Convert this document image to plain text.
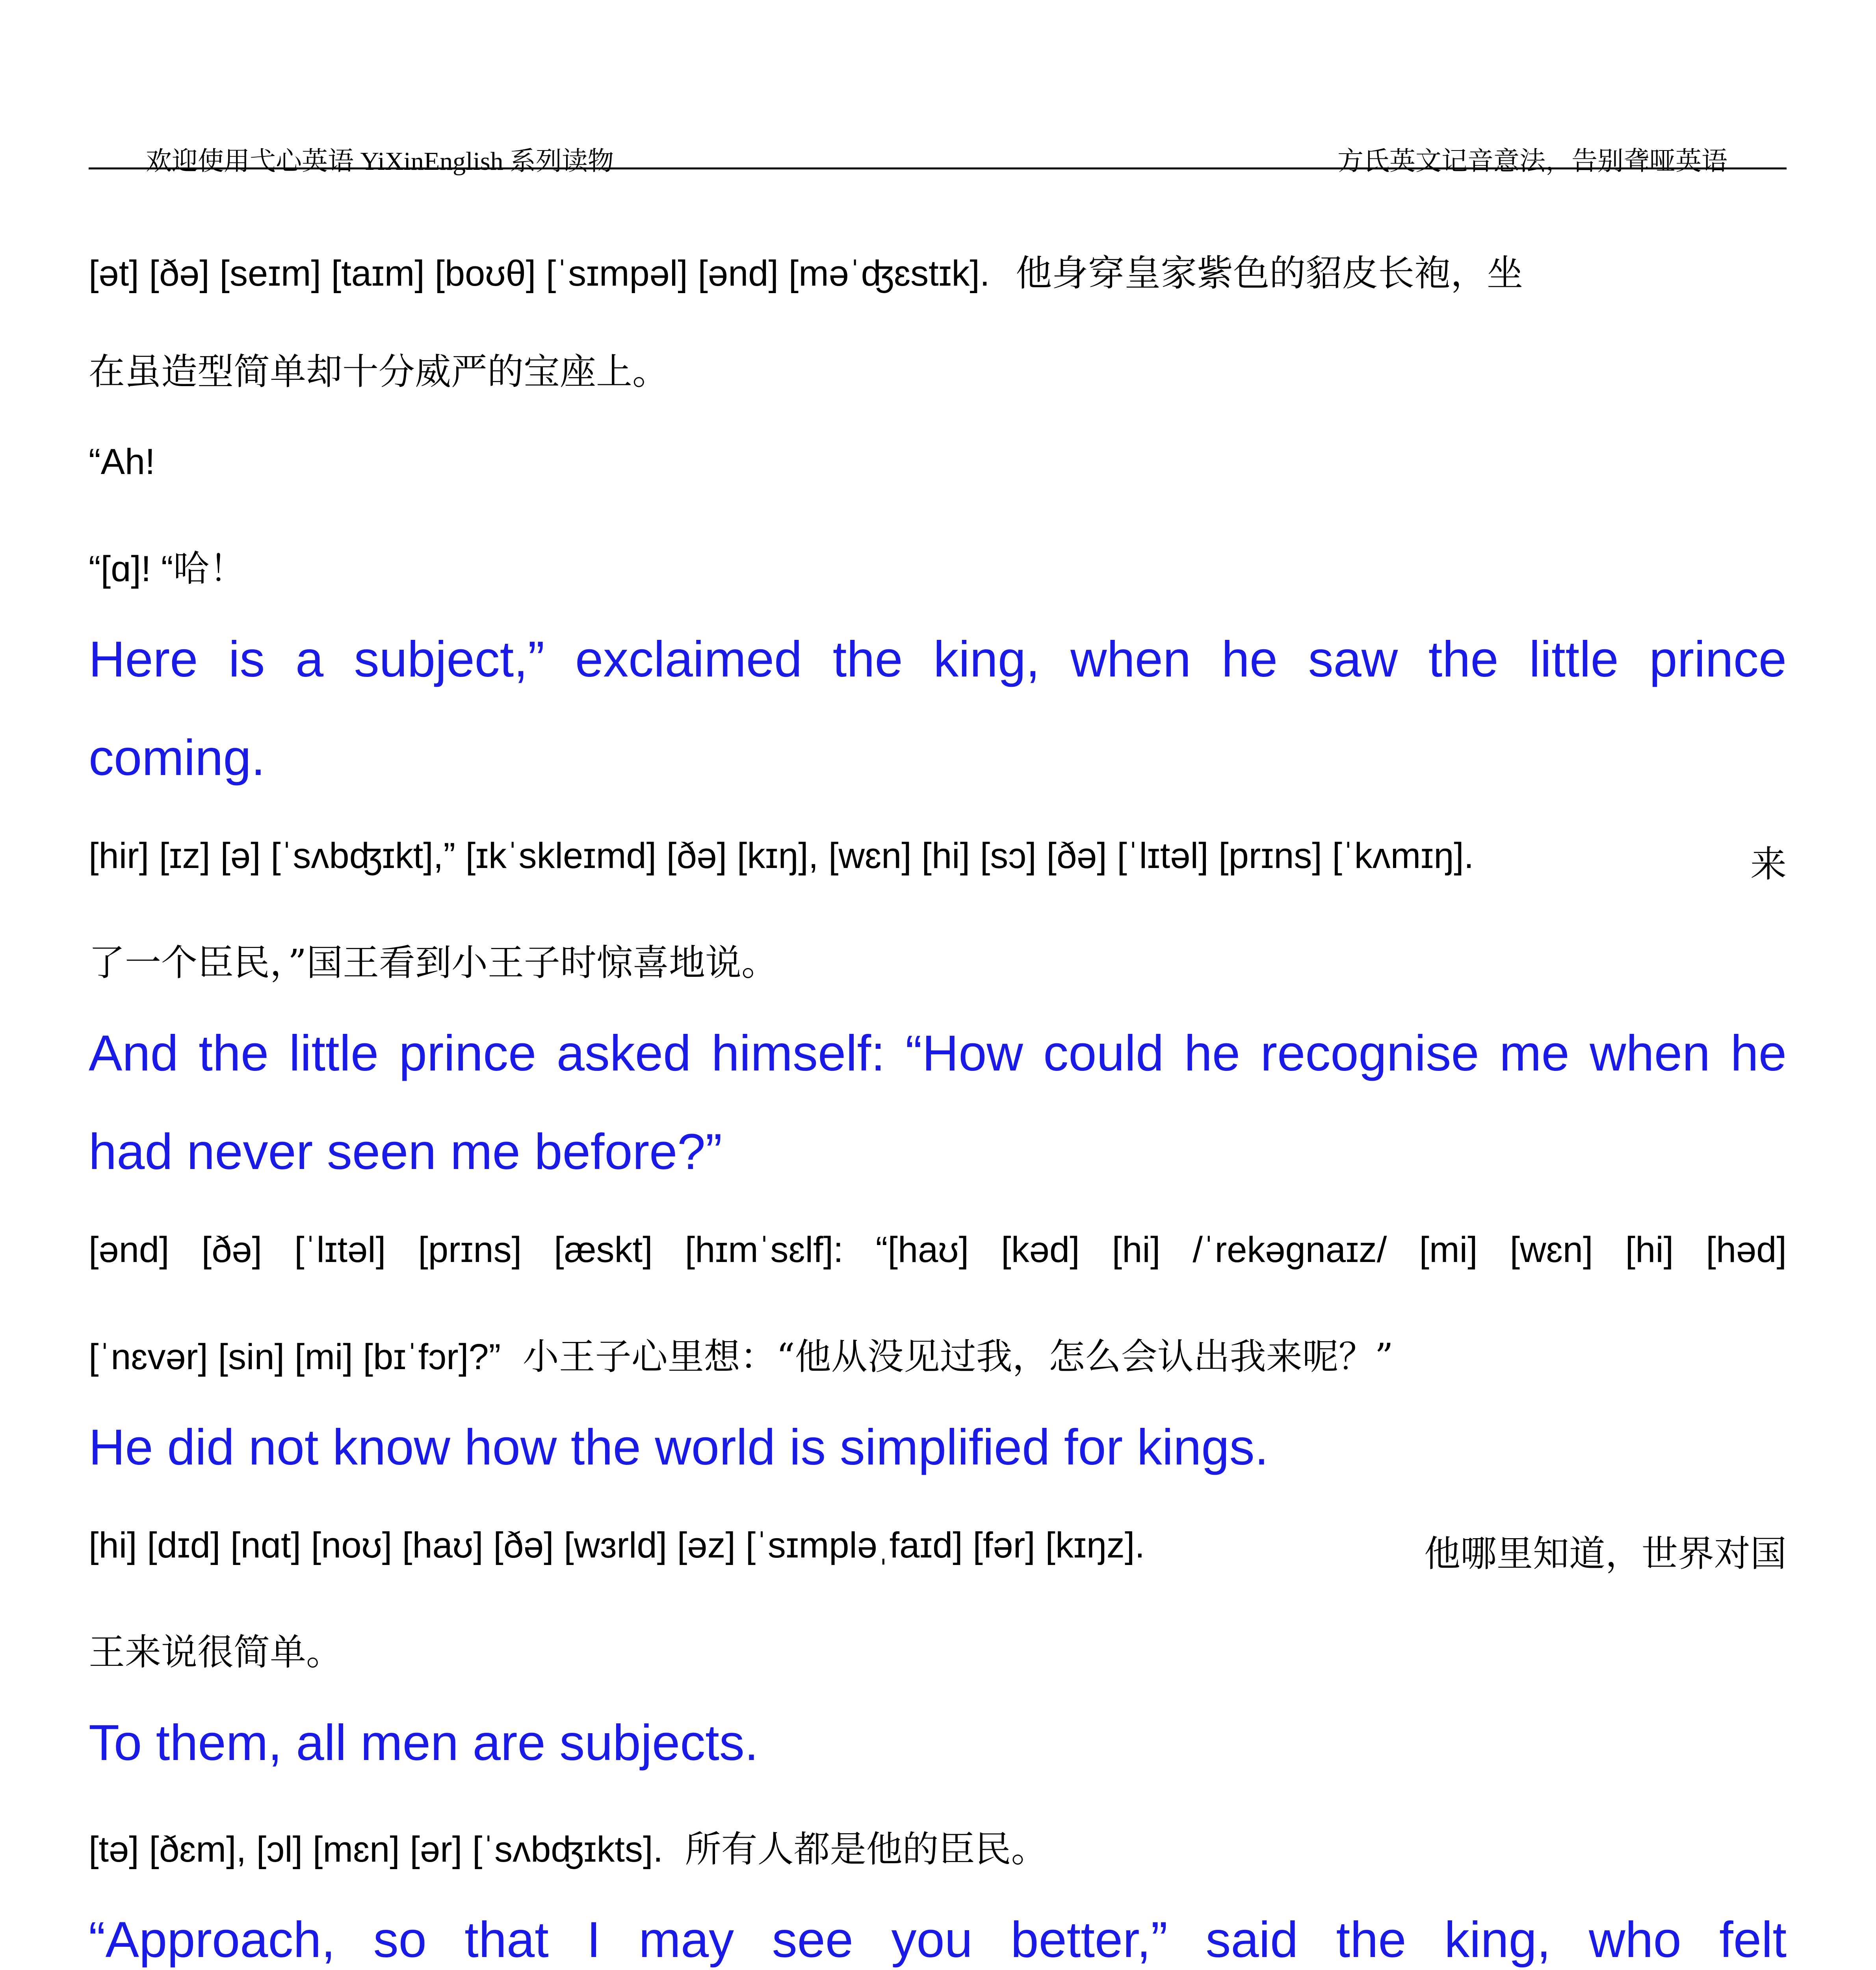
欢迎使用弋心英语 YiXinEnglish 系列读物	方氏英文记音意法，告别聋哑英语
[ət] [ðə] [seɪm] [taɪm] [boʊθ] [ˈsɪmpəl] [ənd] [məˈʤɛstɪk]. 他身穿皇家紫色的貂皮长袍，坐
在虽造型简单却十分威严的宝座上。
“Ah!
“[ɑ]! “哈！
Here is a subject,” exclaimed the king, when he saw the little prince
coming.
[hir] [ɪz] [ə] [ˈsʌbʤɪkt],” [ɪkˈskleɪmd] [ðə] [kɪŋ], [wɛn] [hi] [sɔ] [ðə] [ˈlɪtəl] [prɪns] [ˈkʌmɪŋ].	来
了一个臣民，”国王看到小王子时惊喜地说。
And the little prince asked himself: “How could he recognise me when he
had never seen me before?”
[ənd] [ðə] [ˈlɪtəl] [prɪns] [æskt] [hɪmˈsɛlf]: “[haʊ] [kəd] [hi] /ˈrekəgnaɪz/ [mi] [wɛn] [hi] [həd]
[ˈnɛvər] [sin] [mi] [bɪˈfɔr]?” 小王子心里想：“他从没见过我，怎么会认出我来呢？”
He did not know how the world is simplified for kings.
[hi] [dɪd] [nɑt] [noʊ] [haʊ] [ðə] [wɜrld] [əz] [ˈsɪmpləˌfaɪd] [fər] [kɪŋz].	他哪里知道，世界对国
王来说很简单。
To them, all men are subjects.
[tə] [ðɛm], [ɔl] [mɛn] [ər] [ˈsʌbʤɪkts]. 所有人都是他的臣民。
“Approach, so that I may see you better,” said the king, who felt
